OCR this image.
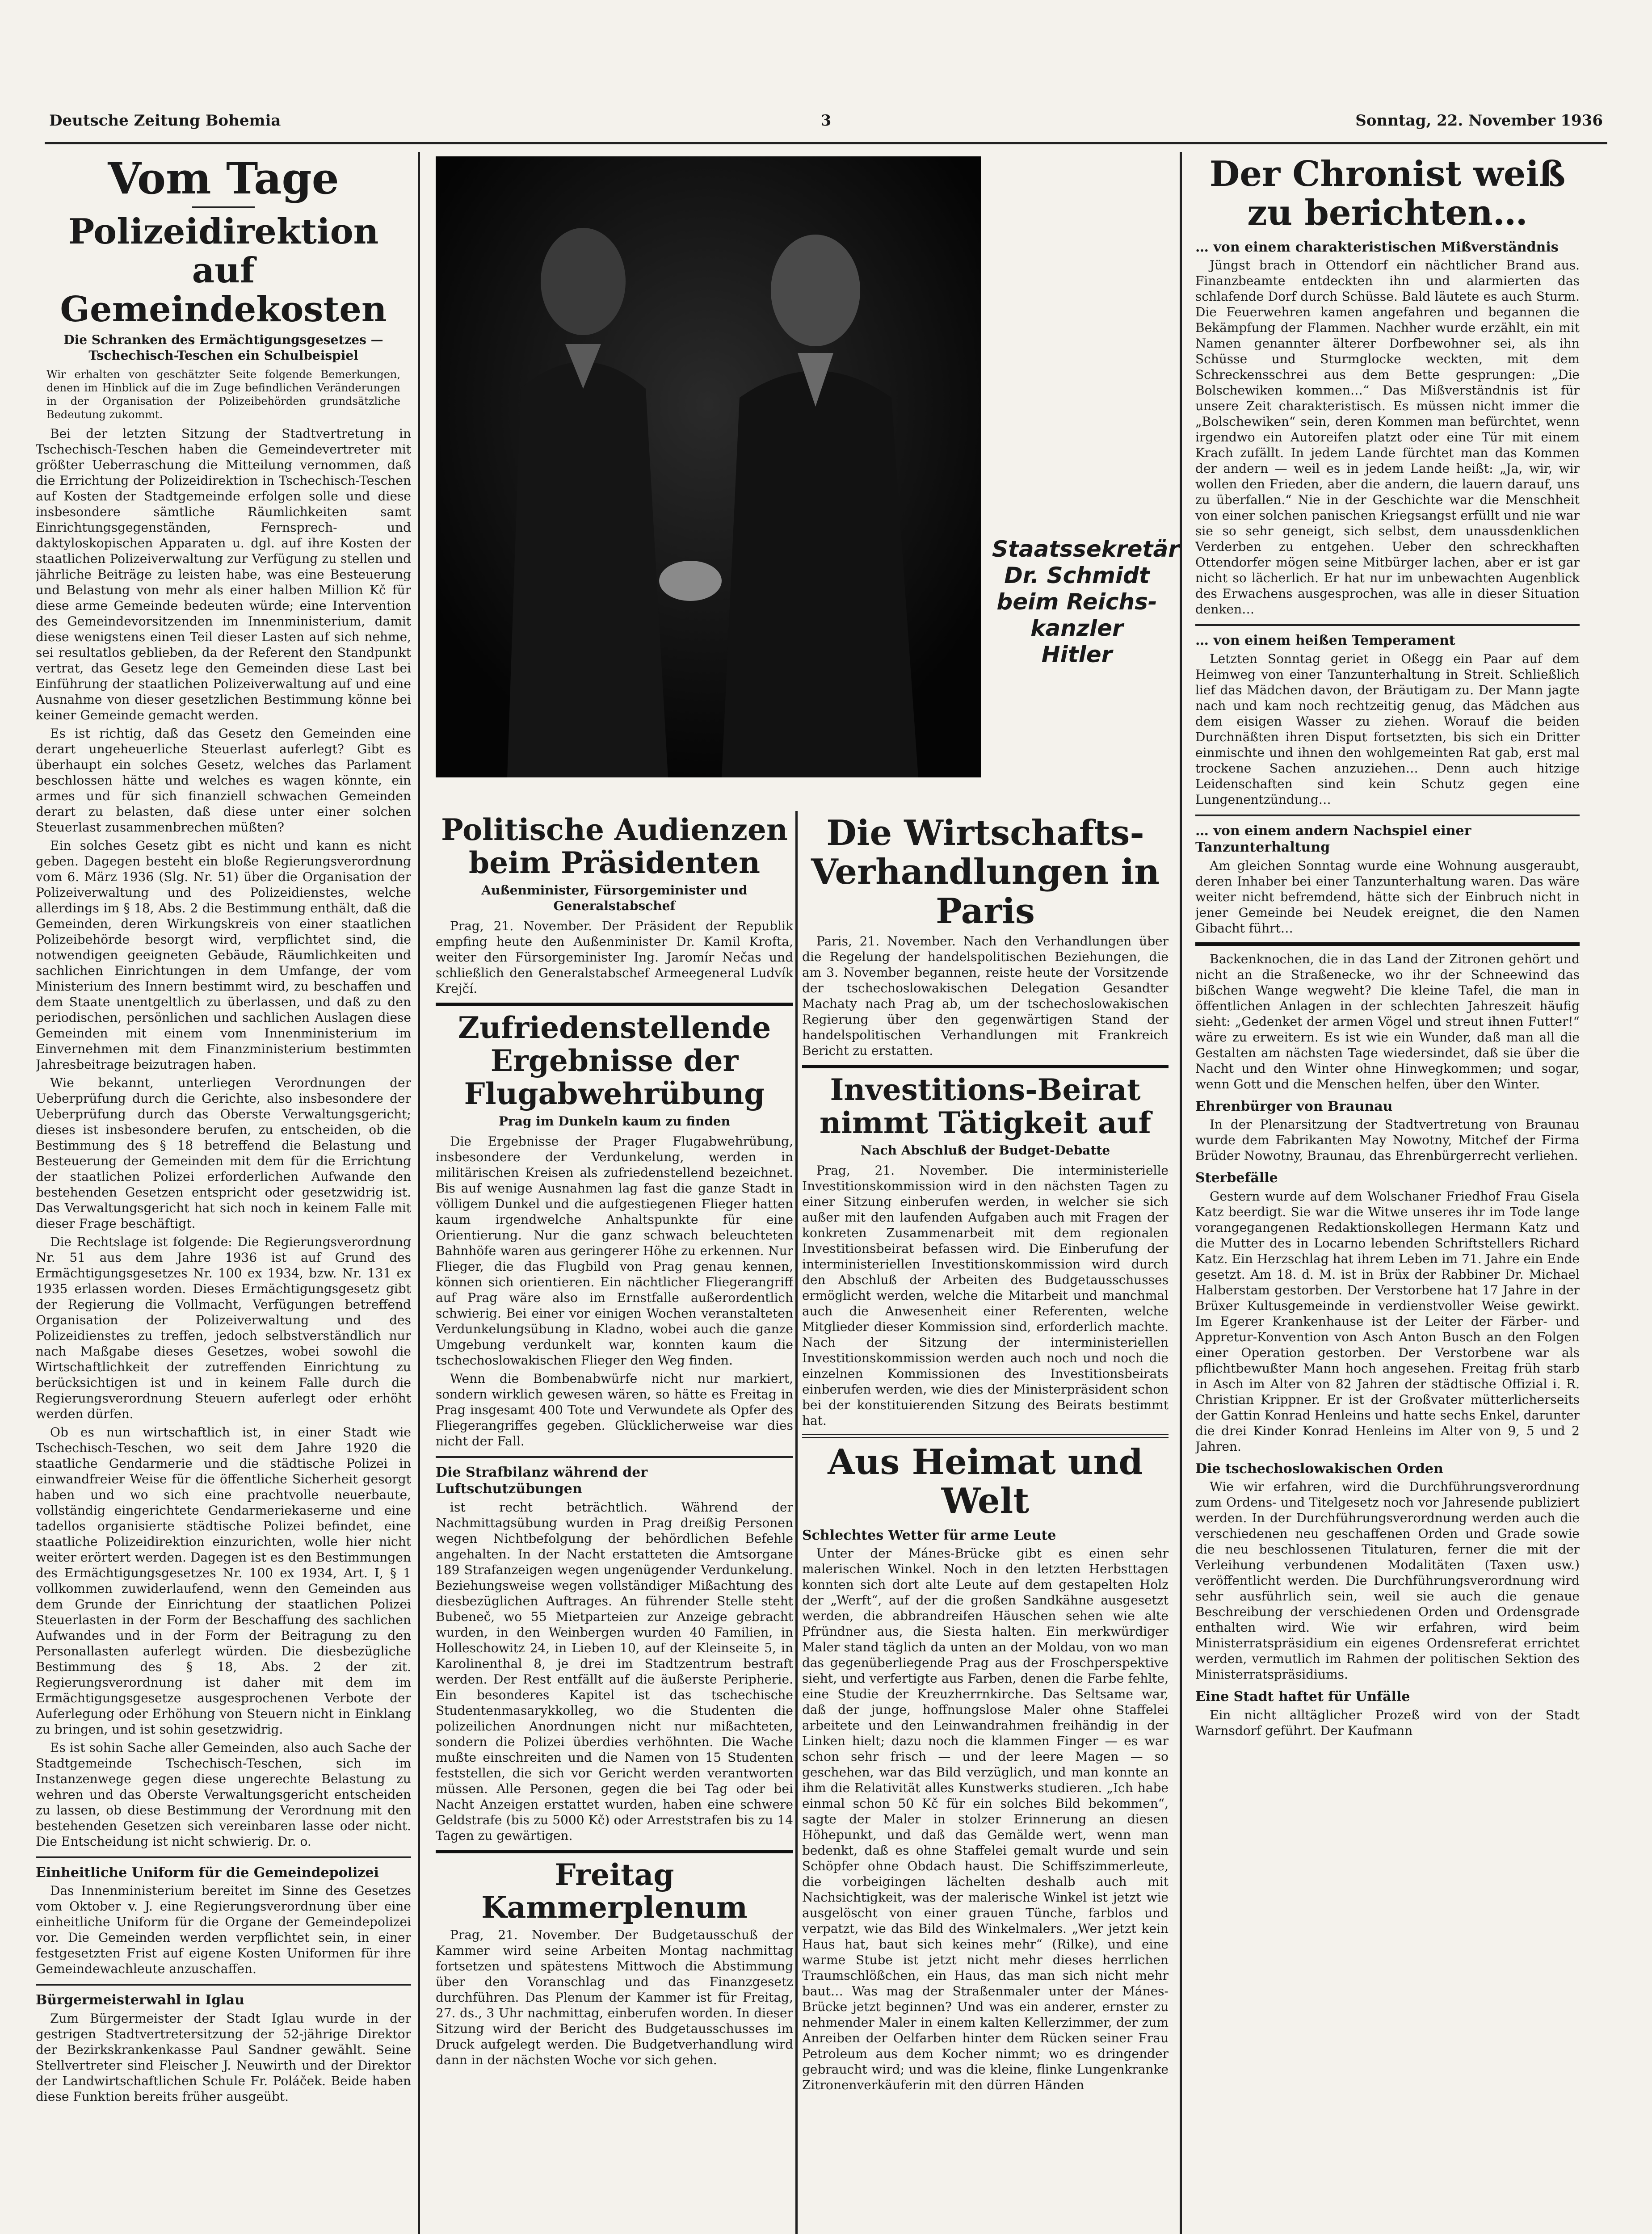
Deutsche Zeitung Bohemia	3	Sonntag, 22. November 1936
Vom Tage
Polizeidirektion auf Gemeindekosten
Die Schranken des Ermächtigungsgesetzes — Tschechisch-Teschen ein Schulbeispiel
Wir erhalten von geschätzter Seite folgende Bemerkungen, denen im Hinblick auf die im Zuge befindlichen Veränderungen in der Organisation der Polizeibehörden grundsätzliche Bedeutung zukommt.

Bei der letzten Sitzung der Stadtvertretung in Tschechisch-Teschen haben die Gemeindevertreter mit größter Ueberraschung die Mitteilung vernommen, daß die Errichtung der Polizeidirektion in Tschechisch-Teschen auf Kosten der Stadtgemeinde erfolgen solle und diese insbesondere sämtliche Räumlichkeiten samt Einrichtungsgegenständen, Fernsprech- und daktyloskopischen Apparaten u. dgl. auf ihre Kosten der staatlichen Polizeiverwaltung zur Verfügung zu stellen und jährliche Beiträge zu leisten habe, was eine Besteuerung und Belastung von mehr als einer halben Million Kč für diese arme Gemeinde bedeuten würde; eine Intervention des Gemeindevorsitzenden im Innenministerium, damit diese wenigstens einen Teil dieser Lasten auf sich nehme, sei resultatlos geblieben, da der Referent den Standpunkt vertrat, das Gesetz lege den Gemeinden diese Last bei Einführung der staatlichen Polizeiverwaltung auf und eine Ausnahme von dieser gesetzlichen Bestimmung könne bei keiner Gemeinde gemacht werden.

Es ist richtig, daß das Gesetz den Gemeinden eine derart ungeheuerliche Steuerlast auferlegt? Gibt es überhaupt ein solches Gesetz, welches das Parlament beschlossen hätte und welches es wagen könnte, ein armes und für sich finanziell schwachen Gemeinden derart zu belasten, daß diese unter einer solchen Steuerlast zusammenbrechen müßten?

Ein solches Gesetz gibt es nicht und kann es nicht geben. Dagegen besteht ein bloße Regierungsverordnung vom 6. März 1936 (Slg. Nr. 51) über die Organisation der Polizeiverwaltung und des Polizeidienstes, welche allerdings im § 18, Abs. 2 die Bestimmung enthält, daß die Gemeinden, deren Wirkungskreis von einer staatlichen Polizeibehörde besorgt wird, verpflichtet sind, die notwendigen geeigneten Gebäude, Räumlichkeiten und sachlichen Einrichtungen in dem Umfange, der vom Ministerium des Innern bestimmt wird, zu beschaffen und dem Staate unentgeltlich zu überlassen, und daß zu den periodischen, persönlichen und sachlichen Auslagen diese Gemeinden mit einem vom Innenministerium im Einvernehmen mit dem Finanzministerium bestimmten Jahresbeitrage beizutragen haben.

Wie bekannt, unterliegen Verordnungen der Ueberprüfung durch die Gerichte, also insbesondere der Ueberprüfung durch das Oberste Verwaltungsgericht; dieses ist insbesondere berufen, zu entscheiden, ob die Bestimmung des § 18 betreffend die Belastung und Besteuerung der Gemeinden mit dem für die Errichtung der staatlichen Polizei erforderlichen Aufwande den bestehenden Gesetzen entspricht oder gesetzwidrig ist. Das Verwaltungsgericht hat sich noch in keinem Falle mit dieser Frage beschäftigt.

Die Rechtslage ist folgende: Die Regierungsverordnung Nr. 51 aus dem Jahre 1936 ist auf Grund des Ermächtigungsgesetzes Nr. 100 ex 1934, bzw. Nr. 131 ex 1935 erlassen worden. Dieses Ermächtigungsgesetz gibt der Regierung die Vollmacht, Verfügungen betreffend Organisation der Polizeiverwaltung und des Polizeidienstes zu treffen, jedoch selbstverständlich nur nach Maßgabe dieses Gesetzes, wobei sowohl die Wirtschaftlichkeit der zutreffenden Einrichtung zu berücksichtigen ist und in keinem Falle durch die Regierungsverordnung Steuern auferlegt oder erhöht werden dürfen.

Ob es nun wirtschaftlich ist, in einer Stadt wie Tschechisch-Teschen, wo seit dem Jahre 1920 die staatliche Gendarmerie und die städtische Polizei in einwandfreier Weise für die öffentliche Sicherheit gesorgt haben und wo sich eine prachtvolle neuerbaute, vollständig eingerichtete Gendarmeriekaserne und eine tadellos organisierte städtische Polizei befindet, eine staatliche Polizeidirektion einzurichten, wolle hier nicht weiter erörtert werden. Dagegen ist es den Bestimmungen des Ermächtigungsgesetzes Nr. 100 ex 1934, Art. I, § 1 vollkommen zuwiderlaufend, wenn den Gemeinden aus dem Grunde der Einrichtung der staatlichen Polizei Steuerlasten in der Form der Beschaffung des sachlichen Aufwandes und in der Form der Beitragung zu den Personallasten auferlegt würden. Die diesbezügliche Bestimmung des § 18, Abs. 2 der zit. Regierungsverordnung ist daher mit dem im Ermächtigungsgesetze ausgesprochenen Verbote der Auferlegung oder Erhöhung von Steuern nicht in Einklang zu bringen, und ist sohin gesetzwidrig.

Es ist sohin Sache aller Gemeinden, also auch Sache der Stadtgemeinde Tschechisch-Teschen, sich im Instanzenwege gegen diese ungerechte Belastung zu wehren und das Oberste Verwaltungsgericht entscheiden zu lassen, ob diese Bestimmung der Verordnung mit den bestehenden Gesetzen sich vereinbaren lasse oder nicht. Die Entscheidung ist nicht schwierig. Dr. o.

Einheitliche Uniform für die Gemeindepolizei

Das Innenministerium bereitet im Sinne des Gesetzes vom Oktober v. J. eine Regierungsverordnung über eine einheitliche Uniform für die Organe der Gemeindepolizei vor. Die Gemeinden werden verpflichtet sein, in einer festgesetzten Frist auf eigene Kosten Uniformen für ihre Gemeindewachleute anzuschaffen.

Bürgermeisterwahl in Iglau

Zum Bürgermeister der Stadt Iglau wurde in der gestrigen Stadtvertretersitzung der 52-jährige Direktor der Bezirkskrankenkasse Paul Sandner gewählt. Seine Stellvertreter sind Fleischer J. Neuwirth und der Direktor der Landwirtschaftlichen Schule Fr. Poláček. Beide haben diese Funktion bereits früher ausgeübt.

Staatssekretär
Dr. Schmidt
beim Reichs-
kanzler Hitler
Politische Audienzen beim Präsidenten
Außenminister, Fürsorgeminister und Generalstabschef

Prag, 21. November. Der Präsident der Republik empfing heute den Außenminister Dr. Kamil Krofta, weiter den Fürsorgeminister Ing. Jaromír Nečas und schließlich den Generalstabschef Armeegeneral Ludvík Krejčí.

Zufriedenstellende Ergebnisse der Flugabwehrübung
Prag im Dunkeln kaum zu finden

Die Ergebnisse der Prager Flugabwehrübung, insbesondere der Verdunkelung, werden in militärischen Kreisen als zufriedenstellend bezeichnet. Bis auf wenige Ausnahmen lag fast die ganze Stadt in völligem Dunkel und die aufgestiegenen Flieger hatten kaum irgendwelche Anhaltspunkte für eine Orientierung. Nur die ganz schwach beleuchteten Bahnhöfe waren aus geringerer Höhe zu erkennen. Nur Flieger, die das Flugbild von Prag genau kennen, können sich orientieren. Ein nächtlicher Fliegerangriff auf Prag wäre also im Ernstfalle außerordentlich schwierig. Bei einer vor einigen Wochen veranstalteten Verdunkelungsübung in Kladno, wobei auch die ganze Umgebung verdunkelt war, konnten kaum die tschechoslowakischen Flieger den Weg finden.

Wenn die Bombenabwürfe nicht nur markiert, sondern wirklich gewesen wären, so hätte es Freitag in Prag insgesamt 400 Tote und Verwundete als Opfer des Fliegerangriffes gegeben. Glücklicherweise war dies nicht der Fall.

Die Strafbilanz während der Luftschutzübungen

ist recht beträchtlich. Während der Nachmittagsübung wurden in Prag dreißig Personen wegen Nichtbefolgung der behördlichen Befehle angehalten. In der Nacht erstatteten die Amtsorgane 189 Strafanzeigen wegen ungenügender Verdunkelung. Beziehungsweise wegen vollständiger Mißachtung des diesbezüglichen Auftrages. An führender Stelle steht Bubeneč, wo 55 Mietparteien zur Anzeige gebracht wurden, in den Weinbergen wurden 40 Familien, in Holleschowitz 24, in Lieben 10, auf der Kleinseite 5, in Karolinenthal 8, je drei im Stadtzentrum bestraft werden. Der Rest entfällt auf die äußerste Peripherie. Ein besonderes Kapitel ist das tschechische Studentenmasarykkolleg, wo die Studenten die polizeilichen Anordnungen nicht nur mißachteten, sondern die Polizei überdies verhöhnten. Die Wache mußte einschreiten und die Namen von 15 Studenten feststellen, die sich vor Gericht werden verantworten müssen. Alle Personen, gegen die bei Tag oder bei Nacht Anzeigen erstattet wurden, haben eine schwere Geldstrafe (bis zu 5000 Kč) oder Arreststrafen bis zu 14 Tagen zu gewärtigen.

Freitag Kammerplenum

Prag, 21. November. Der Budgetausschuß der Kammer wird seine Arbeiten Montag nachmittag fortsetzen und spätestens Mittwoch die Abstimmung über den Voranschlag und das Finanzgesetz durchführen. Das Plenum der Kammer ist für Freitag, 27. ds., 3 Uhr nachmittag, einberufen worden. In dieser Sitzung wird der Bericht des Budgetausschusses im Druck aufgelegt werden. Die Budgetverhandlung wird dann in der nächsten Woche vor sich gehen.

Die Wirtschafts-Verhandlungen in Paris

Paris, 21. November. Nach den Verhandlungen über die Regelung der handelspolitischen Beziehungen, die am 3. November begannen, reiste heute der Vorsitzende der tschechoslowakischen Delegation Gesandter Machaty nach Prag ab, um der tschechoslowakischen Regierung über den gegenwärtigen Stand der handelspolitischen Verhandlungen mit Frankreich Bericht zu erstatten.

Investitions-Beirat nimmt Tätigkeit auf
Nach Abschluß der Budget-Debatte

Prag, 21. November. Die interministerielle Investitionskommission wird in den nächsten Tagen zu einer Sitzung einberufen werden, in welcher sie sich außer mit den laufenden Aufgaben auch mit Fragen der konkreten Zusammenarbeit mit dem regionalen Investitionsbeirat befassen wird. Die Einberufung der interministeriellen Investitionskommission wird durch den Abschluß der Arbeiten des Budgetausschusses ermöglicht werden, welche die Mitarbeit und manchmal auch die Anwesenheit einer Referenten, welche Mitglieder dieser Kommission sind, erforderlich machte. Nach der Sitzung der interministeriellen Investitionskommission werden auch noch und noch die einzelnen Kommissionen des Investitionsbeirats einberufen werden, wie dies der Ministerpräsident schon bei der konstituierenden Sitzung des Beirats bestimmt hat.

Aus Heimat und Welt
Schlechtes Wetter für arme Leute

Unter der Mánes-Brücke gibt es einen sehr malerischen Winkel. Noch in den letzten Herbsttagen konnten sich dort alte Leute auf dem gestapelten Holz der „Werft“, auf der die großen Sandkähne ausgesetzt werden, die abbrandreifen Häuschen sehen wie alte Pfründner aus, die Siesta halten. Ein merkwürdiger Maler stand täglich da unten an der Moldau, von wo man das gegenüberliegende Prag aus der Froschperspektive sieht, und verfertigte aus Farben, denen die Farbe fehlte, eine Studie der Kreuzherrnkirche. Das Seltsame war, daß der junge, hoffnungslose Maler ohne Staffelei arbeitete und den Leinwandrahmen freihändig in der Linken hielt; dazu noch die klammen Finger — es war schon sehr frisch — und der leere Magen — so geschehen, war das Bild verzüglich, und man konnte an ihm die Relativität alles Kunstwerks studieren. „Ich habe einmal schon 50 Kč für ein solches Bild bekommen“, sagte der Maler in stolzer Erinnerung an diesen Höhepunkt, und daß das Gemälde wert, wenn man bedenkt, daß es ohne Staffelei gemalt wurde und sein Schöpfer ohne Obdach haust. Die Schiffszimmerleute, die vorbeigingen lächelten deshalb auch mit Nachsichtigkeit, was der malerische Winkel ist jetzt wie ausgelöscht von einer grauen Tünche, farblos und verpatzt, wie das Bild des Winkelmalers. „Wer jetzt kein Haus hat, baut sich keines mehr“ (Rilke), und eine warme Stube ist jetzt nicht mehr dieses herrlichen Traumschlößchen, ein Haus, das man sich nicht mehr baut… Was mag der Straßenmaler unter der Mánes-Brücke jetzt beginnen? Und was ein anderer, ernster zu nehmender Maler in einem kalten Kellerzimmer, der zum Anreiben der Oelfarben hinter dem Rücken seiner Frau Petroleum aus dem Kocher nimmt; wo es dringender gebraucht wird; und was die kleine, flinke Lungenkranke Zitronenverkäuferin mit den dürren Händen

Der Chronist weiß zu berichten…
… von einem charakteristischen Mißverständnis

Jüngst brach in Ottendorf ein nächtlicher Brand aus. Finanzbeamte entdeckten ihn und alarmierten das schlafende Dorf durch Schüsse. Bald läutete es auch Sturm. Die Feuerwehren kamen angefahren und begannen die Bekämpfung der Flammen. Nachher wurde erzählt, ein mit Namen genannter älterer Dorfbewohner sei, als ihn Schüsse und Sturmglocke weckten, mit dem Schreckensschrei aus dem Bette gesprungen: „Die Bolschewiken kommen…“ Das Mißverständnis ist für unsere Zeit charakteristisch. Es müssen nicht immer die „Bolschewiken“ sein, deren Kommen man befürchtet, wenn irgendwo ein Autoreifen platzt oder eine Tür mit einem Krach zufällt. In jedem Lande fürchtet man das Kommen der andern — weil es in jedem Lande heißt: „Ja, wir, wir wollen den Frieden, aber die andern, die lauern darauf, uns zu überfallen.“ Nie in der Geschichte war die Menschheit von einer solchen panischen Kriegsangst erfüllt und nie war sie so sehr geneigt, sich selbst, dem unaussdenklichen Verderben zu entgehen. Ueber den schreckhaften Ottendorfer mögen seine Mitbürger lachen, aber er ist gar nicht so lächerlich. Er hat nur im unbewachten Augenblick des Erwachens ausgesprochen, was alle in dieser Situation denken…

… von einem heißen Temperament

Letzten Sonntag geriet in Oßegg ein Paar auf dem Heimweg von einer Tanzunterhaltung in Streit. Schließlich lief das Mädchen davon, der Bräutigam zu. Der Mann jagte nach und kam noch rechtzeitig genug, das Mädchen aus dem eisigen Wasser zu ziehen. Worauf die beiden Durchnäßten ihren Disput fortsetzten, bis sich ein Dritter einmischte und ihnen den wohlgemeinten Rat gab, erst mal trockene Sachen anzuziehen… Denn auch hitzige Leidenschaften sind kein Schutz gegen eine Lungenentzündung…

… von einem andern Nachspiel einer Tanzunterhaltung

Am gleichen Sonntag wurde eine Wohnung ausgeraubt, deren Inhaber bei einer Tanzunterhaltung waren. Das wäre weiter nicht befremdend, hätte sich der Einbruch nicht in jener Gemeinde bei Neudek ereignet, die den Namen Gibacht führt…

Backenknochen, die in das Land der Zitronen gehört und nicht an die Straßenecke, wo ihr der Schneewind das bißchen Wange wegweht? Die kleine Tafel, die man in öffentlichen Anlagen in der schlechten Jahreszeit häufig sieht: „Gedenket der armen Vögel und streut ihnen Futter!“ wäre zu erweitern. Es ist wie ein Wunder, daß man all die Gestalten am nächsten Tage wiedersindet, daß sie über die Nacht und den Winter ohne Hinwegkommen; und sogar, wenn Gott und die Menschen helfen, über den Winter.

Ehrenbürger von Braunau

In der Plenarsitzung der Stadtvertretung von Braunau wurde dem Fabrikanten May Nowotny, Mitchef der Firma Brüder Nowotny, Braunau, das Ehrenbürgerrecht verliehen.

Sterbefälle

Gestern wurde auf dem Wolschaner Friedhof Frau Gisela Katz beerdigt. Sie war die Witwe unseres ihr im Tode lange vorangegangenen Redaktionskollegen Hermann Katz und die Mutter des in Locarno lebenden Schriftstellers Richard Katz. Ein Herzschlag hat ihrem Leben im 71. Jahre ein Ende gesetzt. Am 18. d. M. ist in Brüx der Rabbiner Dr. Michael Halberstam gestorben. Der Verstorbene hat 17 Jahre in der Brüxer Kultusgemeinde in verdienstvoller Weise gewirkt. Im Egerer Krankenhause ist der Leiter der Färber- und Appretur-Konvention von Asch Anton Busch an den Folgen einer Operation gestorben. Der Verstorbene war als pflichtbewußter Mann hoch angesehen. Freitag früh starb in Asch im Alter von 82 Jahren der städtische Offizial i. R. Christian Krippner. Er ist der Großvater mütterlicherseits der Gattin Konrad Henleins und hatte sechs Enkel, darunter die drei Kinder Konrad Henleins im Alter von 9, 5 und 2 Jahren.

Die tschechoslowakischen Orden

Wie wir erfahren, wird die Durchführungsverordnung zum Ordens- und Titelgesetz noch vor Jahresende publiziert werden. In der Durchführungsverordnung werden auch die verschiedenen neu geschaffenen Orden und Grade sowie die neu beschlossenen Titulaturen, ferner die mit der Verleihung verbundenen Modalitäten (Taxen usw.) veröffentlicht werden. Die Durchführungsverordnung wird sehr ausführlich sein, weil sie auch die genaue Beschreibung der verschiedenen Orden und Ordensgrade enthalten wird. Wie wir erfahren, wird beim Ministerratspräsidium ein eigenes Ordensreferat errichtet werden, vermutlich im Rahmen der politischen Sektion des Ministerratspräsidiums.

Eine Stadt haftet für Unfälle

Ein nicht alltäglicher Prozeß wird von der Stadt Warnsdorf geführt. Der Kaufmann
